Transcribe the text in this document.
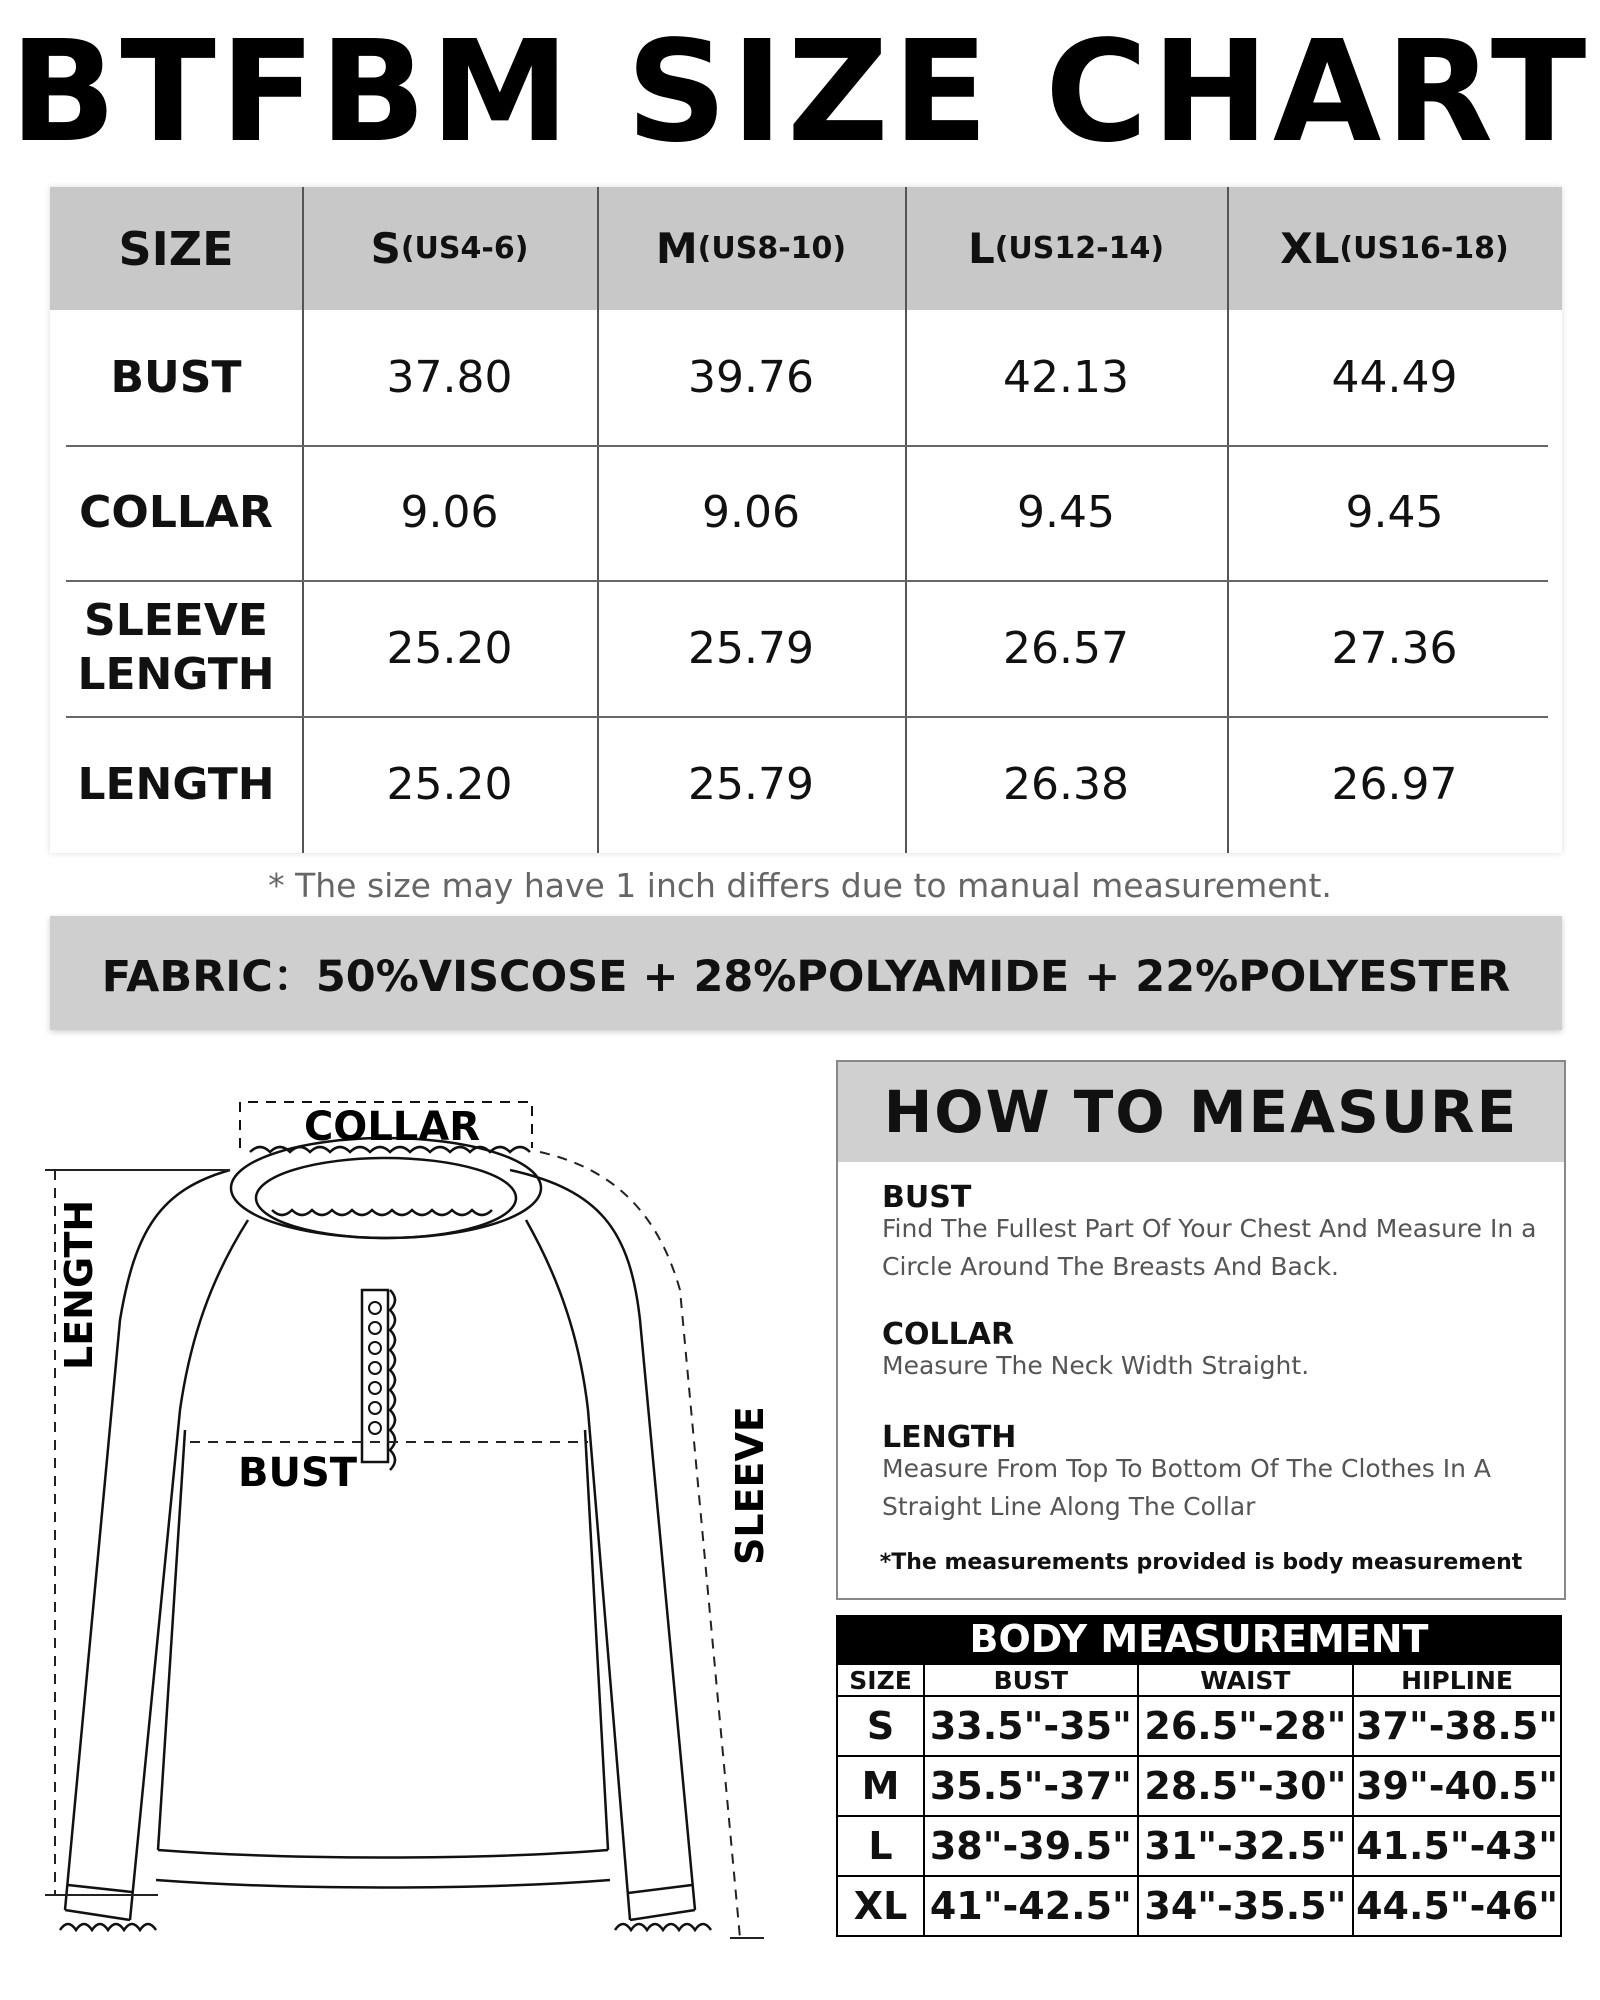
BTFBM SIZE CHART
SIZE	S (US4-6)	M (US8-10)	L (US12-14)	XL (US16-18)
BUST	37.80	39.76	42.13	44.49
COLLAR	9.06	9.06	9.45	9.45
SLEEVE
LENGTH
25.20	25.79	26.57	27.36
LENGTH	25.20	25.79	26.38	26.97
* The size may have 1 inch differs due to manual measurement.
FABRIC：50%VISCOSE + 28%POLYAMIDE + 22%POLYESTER
COLLAR
LENGTH
BUST	SLEEVE
HOW TO MEASURE
BUST
Find The Fullest Part Of Your Chest And Measure In a Circle Around The Breasts And Back.
COLLAR
Measure The Neck Width Straight.
LENGTH
Measure From Top To Bottom Of The Clothes In A Straight Line Along The Collar
*The measurements provided is body measurement
BODY MEASUREMENT
SIZE	BUST	WAIST	HIPLINE
S	33.5"-35"	26.5"-28"	37"-38.5"
M	35.5"-37"	28.5"-30"	39"-40.5"
L	38"-39.5"	31"-32.5"	41.5"-43"
XL	41"-42.5"	34"-35.5"	44.5"-46"
